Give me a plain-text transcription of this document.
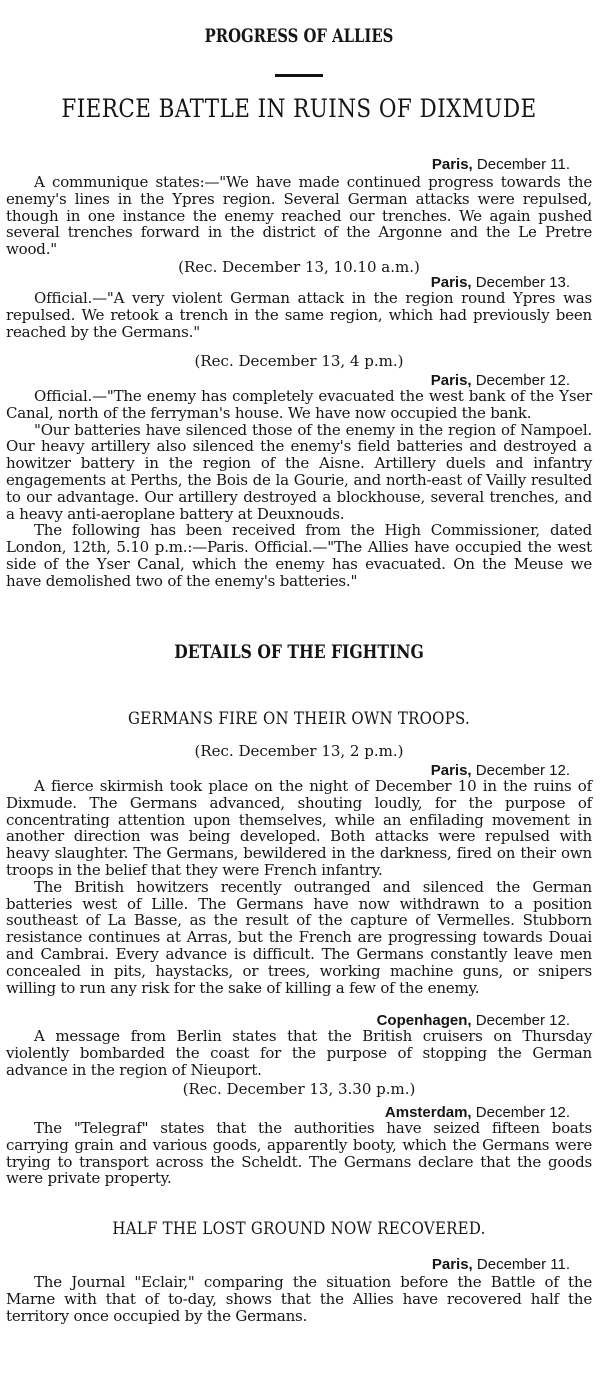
PROGRESS OF ALLIES
FIERCE BATTLE IN RUINS OF DIXMUDE
Paris, December 11.

A communique states:—"We have made continued progress towards the enemy's lines in the Ypres region. Several German attacks were repulsed, though in one instance the enemy reached our trenches. We again pushed several trenches forward in the district of the Argonne and the Le Pretre wood."

(Rec. December 13, 10.10 a.m.)
Paris, December 13.

Official.—"A very violent German attack in the region round Ypres was repulsed. We retook a trench in the same region, which had previously been reached by the Germans."

(Rec. December 13, 4 p.m.)
Paris, December 12.

Official.—"The enemy has completely evacuated the west bank of the Yser Canal, north of the ferryman's house. We have now occupied the bank.

"Our batteries have silenced those of the enemy in the region of Nampoel. Our heavy artillery also silenced the enemy's field batteries and destroyed a howitzer battery in the region of the Aisne. Artillery duels and infantry engagements at Perths, the Bois de la Gourie, and north-east of Vailly resulted to our advantage. Our artillery destroyed a blockhouse, several trenches, and a heavy anti-aeroplane battery at Deuxnouds.

The following has been received from the High Commissioner, dated London, 12th, 5.10 p.m.:—Paris. Official.—"The Allies have occupied the west side of the Yser Canal, which the enemy has evacuated. On the Meuse we have demolished two of the enemy's batteries."

DETAILS OF THE FIGHTING
GERMANS FIRE ON THEIR OWN TROOPS.
(Rec. December 13, 2 p.m.)
Paris, December 12.

A fierce skirmish took place on the night of December 10 in the ruins of Dixmude. The Germans advanced, shouting loudly, for the purpose of concentrating attention upon themselves, while an enfilading movement in another direction was being developed. Both attacks were repulsed with heavy slaughter. The Germans, bewildered in the darkness, fired on their own troops in the belief that they were French infantry.

The British howitzers recently outranged and silenced the German batteries west of Lille. The Germans have now withdrawn to a position southeast of La Basse, as the result of the capture of Vermelles. Stubborn resistance continues at Arras, but the French are progressing towards Douai and Cambrai. Every advance is difficult. The Germans constantly leave men concealed in pits, haystacks, or trees, working machine guns, or snipers willing to run any risk for the sake of killing a few of the enemy.

Copenhagen, December 12.

A message from Berlin states that the British cruisers on Thursday violently bombarded the coast for the purpose of stopping the German advance in the region of Nieuport.

(Rec. December 13, 3.30 p.m.)
Amsterdam, December 12.

The "Telegraf" states that the authorities have seized fifteen boats carrying grain and various goods, apparently booty, which the Germans were trying to transport across the Scheldt. The Germans declare that the goods were private property.

HALF THE LOST GROUND NOW RECOVERED.
Paris, December 11.

The Journal "Eclair," comparing the situation before the Battle of the Marne with that of to-day, shows that the Allies have recovered half the territory once occupied by the Germans.
